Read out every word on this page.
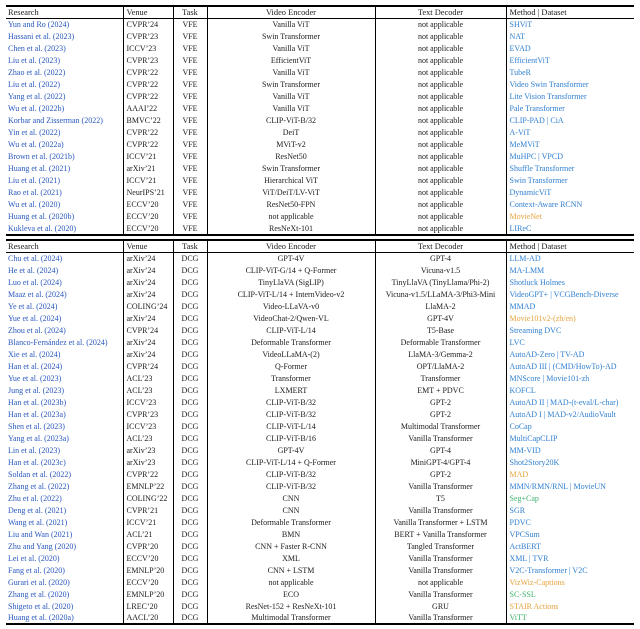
Research	Venue	Task	Video Encoder	Text Decoder	Method | Dataset
Yun and Ro (2024)	CVPR’24	VFE	Vanilla ViT	not applicable	SHViT
Hassani et al. (2023)	CVPR’23	VFE	Swin Transformer	not applicable	NAT
Chen et al. (2023)	ICCV’23	VFE	Vanilla ViT	not applicable	EVAD
Liu et al. (2023)	CVPR’23	VFE	EfficientViT	not applicable	EfficientViT
Zhao et al. (2022)	CVPR’22	VFE	Vanilla ViT	not applicable	TubeR
Liu et al. (2022)	CVPR’22	VFE	Swin Transformer	not applicable	Video Swin Transformer
Yang et al. (2022)	CVPR’22	VFE	Vanilla ViT	not applicable	Lite Vision Transformer
Wu et al. (2022b)	AAAI’22	VFE	Vanilla ViT	not applicable	Pale Transformer
Korbar and Zisserman (2022)	BMVC’22	VFE	CLIP-ViT-B/32	not applicable	CLIP-PAD | CiA
Yin et al. (2022)	CVPR’22	VFE	DeiT	not applicable	A-ViT
Wu et al. (2022a)	CVPR’22	VFE	MViT-v2	not applicable	MeMViT
Brown et al. (2021b)	ICCV’21	VFE	ResNet50	not applicable	MuHPC | VPCD
Huang et al. (2021)	arXiv’21	VFE	Swin Transformer	not applicable	Shuffle Transformer
Liu et al. (2021)	ICCV’21	VFE	Hierarchical ViT	not applicable	Swin Transformer
Rao et al. (2021)	NeurIPS’21	VFE	ViT/DeiT/LV-ViT	not applicable	DynamicViT
Wu et al. (2020)	ECCV’20	VFE	ResNet50-FPN	not applicable	Context-Aware RCNN
Huang et al. (2020b)	ECCV’20	VFE	not applicable	not applicable	MovieNet
Kukleva et al. (2020)	ECCV’20	VFE	ResNeXt-101	not applicable	LIReC
Research	Venue	Task	Video Encoder	Text Decoder	Method | Dataset
Chu et al. (2024)	arXiv’24	DCG	GPT-4V	GPT-4	LLM-AD
He et al. (2024)	arXiv’24	DCG	CLIP-ViT-G/14 + Q-Former	Vicuna-v1.5	MA-LMM
Luo et al. (2024)	arXiv’24	DCG	TinyLlaVA (SigLIP)	TinyLlaVA (TinyLlama/Phi-2)	Shotluck Holmes
Maaz et al. (2024)	arXiv’24	DCG	CLIP-ViT-L/14 + InternVideo-v2	Vicuna-v1.5/LLaMA-3/Phi3-Mini	VideoGPT+ | VCGBench-Diverse
Ye et al. (2024)	COLING’24	DCG	Video-LLaVA-v0	LlaMA-2	MMAD
Yue et al. (2024)	arXiv’24	DCG	VideoChat-2/Qwen-VL	GPT-4V	Movie101v2-(zh/en)
Zhou et al. (2024)	CVPR’24	DCG	CLIP-ViT-L/14	T5-Base	Streaming DVC
Blanco-Fernández et al. (2024)	arXiv’24	DCG	Deformable Transformer	Deformable Transformer	LVC
Xie et al. (2024)	arXiv’24	DCG	VideoLLaMA-(2)	LlaMA-3/Gemma-2	AutoAD-Zero | TV-AD
Han et al. (2024)	CVPR’24	DCG	Q-Former	OPT/LlaMA-2	AutoAD III | (CMD/HowTo)-AD
Yue et al. (2023)	ACL’23	DCG	Transformer	Transformer	MNScore | Movie101-zh
Jung et al. (2023)	ACL’23	DCG	LXMERT	EMT + PDVC	KOFCL
Han et al. (2023b)	ICCV’23	DCG	CLIP-ViT-B/32	GPT-2	AutoAD II | MAD-(t-eval/L-char)
Han et al. (2023a)	CVPR’23	DCG	CLIP-ViT-B/32	GPT-2	AutoAD I | MAD-v2/AudioVault
Shen et al. (2023)	ICCV’23	DCG	CLIP-ViT-L/14	Multimodal Transformer	CoCap
Yang et al. (2023a)	ACL’23	DCG	CLIP-ViT-B/16	Vanilla Transformer	MultiCapCLIP
Lin et al. (2023)	arXiv’23	DCG	GPT-4V	GPT-4	MM-VID
Han et al. (2023c)	arXiv’23	DCG	CLIP-ViT-L/14 + Q-Former	MiniGPT-4/GPT-4	Shot2Story20K
Soldan et al. (2022)	CVPR’22	DCG	CLIP-ViT-B/32	GPT-2	MAD
Zhang et al. (2022)	EMNLP’22	DCG	CLIP-ViT-B/32	Vanilla Transformer	MMN/RMN/RNL | MovieUN
Zhu et al. (2022)	COLING’22	DCG	CNN	T5	Seg+Cap
Deng et al. (2021)	CVPR’21	DCG	CNN	Vanilla Transformer	SGR
Wang et al. (2021)	ICCV’21	DCG	Deformable Transformer	Vanilla Transformer + LSTM	PDVC
Liu and Wan (2021)	ACL’21	DCG	BMN	BERT + Vanilla Transformer	VPCSum
Zhu and Yang (2020)	CVPR’20	DCG	CNN + Faster R-CNN	Tangled Transformer	ActBERT
Lei et al. (2020)	ECCV’20	DCG	XML	Vanilla Transformer	XML | TVR
Fang et al. (2020)	EMNLP’20	DCG	CNN + LSTM	Vanilla Transformer	V2C-Transformer | V2C
Gurari et al. (2020)	ECCV’20	DCG	not applicable	not applicable	VizWiz-Captions
Zhang et al. (2020)	EMNLP’20	DCG	ECO	Vanilla Transformer	SC-SSL
Shigeto et al. (2020)	LREC’20	DCG	ResNet-152 + ResNeXt-101	GRU	STAIR Actions
Huang et al. (2020a)	AACL’20	DCG	Multimodal Transformer	Vanilla Transformer	ViTT
